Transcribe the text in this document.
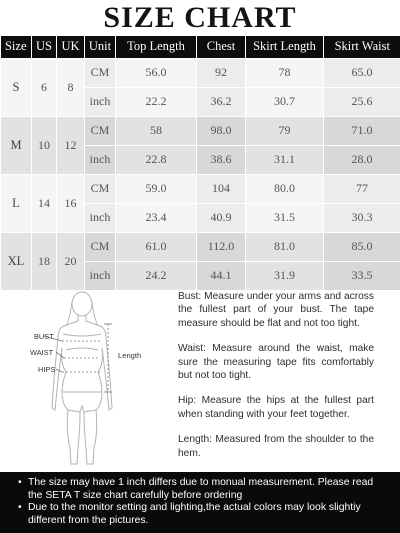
SIZE CHART
Size	US	UK	Unit	Top Length	Chest	Skirt Length	Skirt Waist
S	6	8	CM	56.0	92	78	65.0
			inch	22.2	36.2	30.7	25.6
M	10	12	CM	58	98.0	79	71.0
			inch	22.8	38.6	31.1	28.0
L	14	16	CM	59.0	104	80.0	77
			inch	23.4	40.9	31.5	30.3
XL	18	20	CM	61.0	112.0	81.0	85.0
			inch	24.2	44.1	31.9	33.5
BUST
WAIST
HIPS
Length

Bust: Measure under your arms and across the fullest part of your bust. The tape measure should be flat and not too tight.

Waist: Measure around the waist, make sure the measuring tape fits comfortably but not too tight.

Hip: Measure the hips at the fullest part when standing with your feet together.

Length: Measured from the shoulder to the hem.

• The size may have 1 inch differs due to monual measurement. Please read the SETA T size chart carefully before ordering

• Due to the monitor setting and lighting,the actual colors may look slightiy different from the pictures.
